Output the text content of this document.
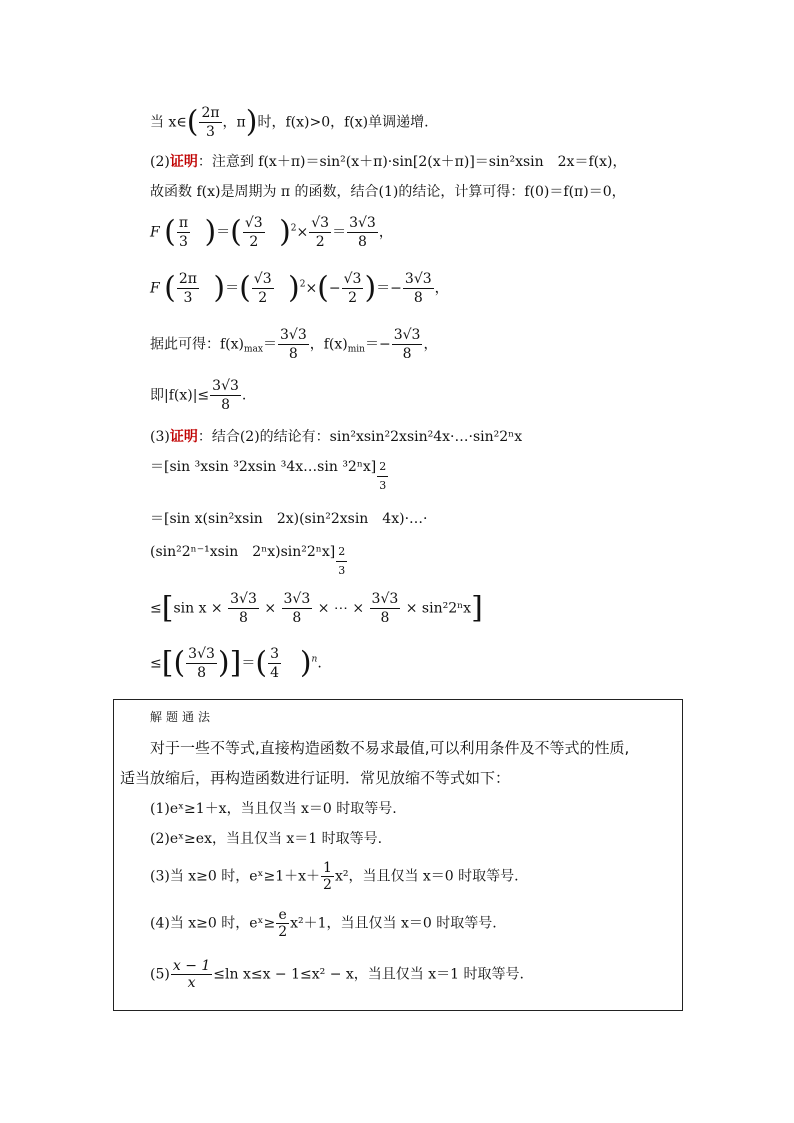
当 x∈( $\frac{2\pi}{3}$ ，π)时，f(x)>0，f(x)单调递增.
(2)证明：注意到 f(x＋π)＝sin²(x＋π)·sin[2(x＋π)]＝sin²xsin　2x＝f(x)，
故函数 f(x)是周期为 π 的函数，结合(1)的结论，计算可得：f(0)＝f(π)＝0，
F ( $\frac{\pi}{3}$ )＝( $\frac{√3}{2} )^2\times \frac{√3}{2} = \frac{3√3}{8}$ ，
F ( $\frac{2\pi}{3}$ )＝( $\frac{√3}{2} )^2\times(- \frac{√3}{2}$ )＝− $\frac{3√3}{8}$ ，
据此可得：$f(x)_{max}= \frac{3√3}{8}$ ，$f(x)_{min}=- \frac{3√3}{8}$ ，
即$|f(x)|\le \frac{3√3}{8}$ .
(3)证明：结合(2)的结论有：sin²xsin²2xsin²4x·…·sin²2ⁿx
＝[sin ³xsin ³2xsin ³4x…sin $^32^nx] \frac{2}{3}$
＝[sin x(sin²xsin　2x)(sin²2xsin　4x)·…·
(sin²2ⁿ⁻¹xsin　$2^nx)\sin^22^nx] \frac{2}{3}$
≤[sin $x \times \frac{3√3}{8} \times \frac{3√3}{8}$ × ⋯ × $\frac{3√3}{8} \times \sin^22^nx$]
≤[( $\frac{3√3}{8}$ )]＝( $\frac{3}{4} )^n$.
解题通法
对于一些不等式,直接构造函数不易求最值,可以利用条件及不等式的性质,
适当放缩后，再构造函数进行证明．常见放缩不等式如下：
(1)eˣ≥1＋x，当且仅当 x＝0 时取等号.
(2)eˣ≥ex，当且仅当 x＝1 时取等号.
(3)当 x≥0 时，eˣ≥1＋x＋ $\frac{1}{2} x^2$，当且仅当 x＝0 时取等号.
(4)当 x≥0 时，eˣ≥ $\frac{e}{2} x^2+1$，当且仅当 x＝0 时取等号.
$(5) \frac{x - 1}{x} \le\ln$ x≤x − 1≤x² − x，当且仅当 x＝1 时取等号.
